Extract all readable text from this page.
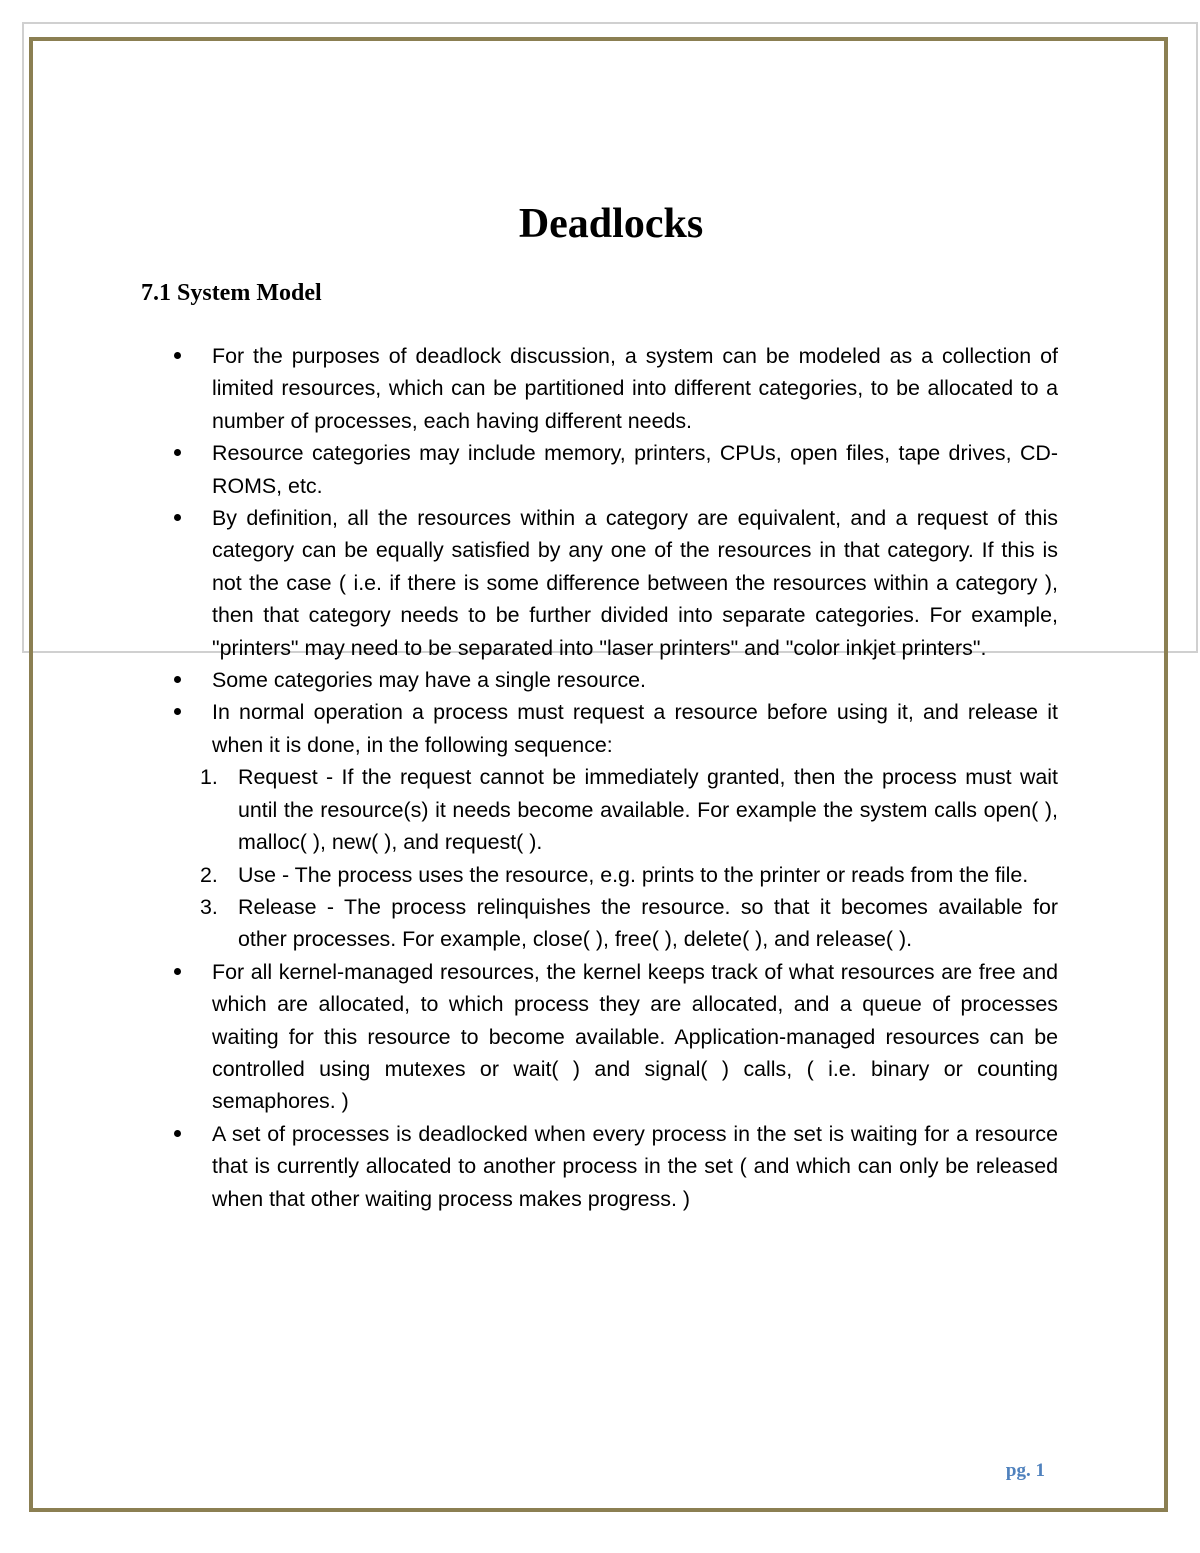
Deadlocks
7.1 System Model
For the purposes of deadlock discussion, a system can be modeled as a collection of limited resources, which can be partitioned into different categories, to be allocated to a number of processes, each having different needs.
Resource categories may include memory, printers, CPUs, open files, tape drives, CD-ROMS, etc.
By definition, all the resources within a category are equivalent, and a request of this category can be equally satisfied by any one of the resources in that category. If this is not the case ( i.e. if there is some difference between the resources within a category ), then that category needs to be further divided into separate categories. For example, "printers" may need to be separated into "laser printers" and "color inkjet printers".
Some categories may have a single resource.
In normal operation a process must request a resource before using it, and release it when it is done, in the following sequence:
1. Request - If the request cannot be immediately granted, then the process must wait until the resource(s) it needs become available. For example the system calls open( ), malloc( ), new( ), and request( ).
2. Use - The process uses the resource, e.g. prints to the printer or reads from the file.
3. Release - The process relinquishes the resource. so that it becomes available for other processes. For example, close( ), free( ), delete( ), and release( ).
For all kernel-managed resources, the kernel keeps track of what resources are free and which are allocated, to which process they are allocated, and a queue of processes waiting for this resource to become available. Application-managed resources can be controlled using mutexes or wait( ) and signal( ) calls, ( i.e. binary or counting semaphores. )
A set of processes is deadlocked when every process in the set is waiting for a resource that is currently allocated to another process in the set ( and which can only be released when that other waiting process makes progress. )
pg. 1
